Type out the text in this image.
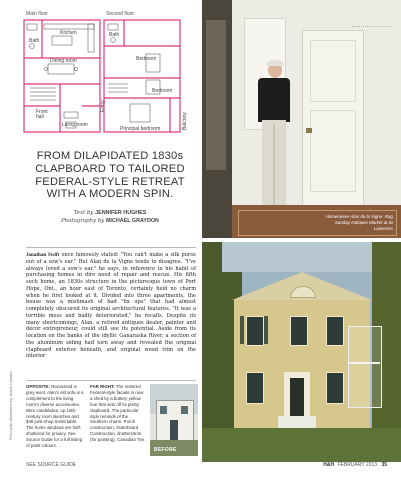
Main floor	Second floor
Bath
Kitchen
Dining room
Front
hall
Living room
Entry
Bath
Bedroom
Bedroom
Principal bedroom	Balcony
FROM DILAPIDATED 1830s CLAPBOARD TO TAILORED FEDERAL-STYLE RETREAT WITH A MODERN SPIN.
Text by JENNIFER HUGHES
Photography by MICHAEL GRAYDON
Jonathan Swift once famously stated: "You can't make a silk purse out of a sow's ear." But Alan de la Vigne tends to disagree. "I've always loved a sow's ear," he says, in reference to his habit of purchasing homes in dire need of repair and rescue. His fifth such home, an 1830s structure in the picturesque town of Port Hope, Ont., an hour east of Toronto, certainly held no charm when he first looked at it. Divided into three apartments, the house was a mishmash of bad "fix ups" that had almost completely obscured its original architectural features. "It was a terrible mess and badly deteriorated," he recalls. Despite its many shortcomings, Alan, a retired antiques dealer, painter and décor entrepreneur, could still see its potential. Aside from its location on the banks of the idyllic Ganaraska River, a section of the aluminum siding had torn away and revealed the original clapboard exterior beneath, and original wood trim on the interior
OPPOSITE: Recovered in grey wool, Alan's old sofa is a complement to the living room's diverse accessories. Wire candelabra, up 18th-century room sketches and $45 junk-shop metal table. The home windows are half-shuttered for privacy. See Source Guide for a full listing of paint colours.
FAR RIGHT: The restored Federal-style facade is now a shed by a buttery yellow hue that sets off its pretty clapboard. The particular style reminds of the Southern charm. Porch construction, Outerboard Construction. shutters/trim (for painting), Canadian Tire.
BEFORE
Floor plan illustration by Jason Lamara
Homeowner Alan de la Vigne. Rug, Sunday Antiques Market at St. Lawrence.
SEE SOURCE GUIDE	H&H FEBRUARY 2013 35
